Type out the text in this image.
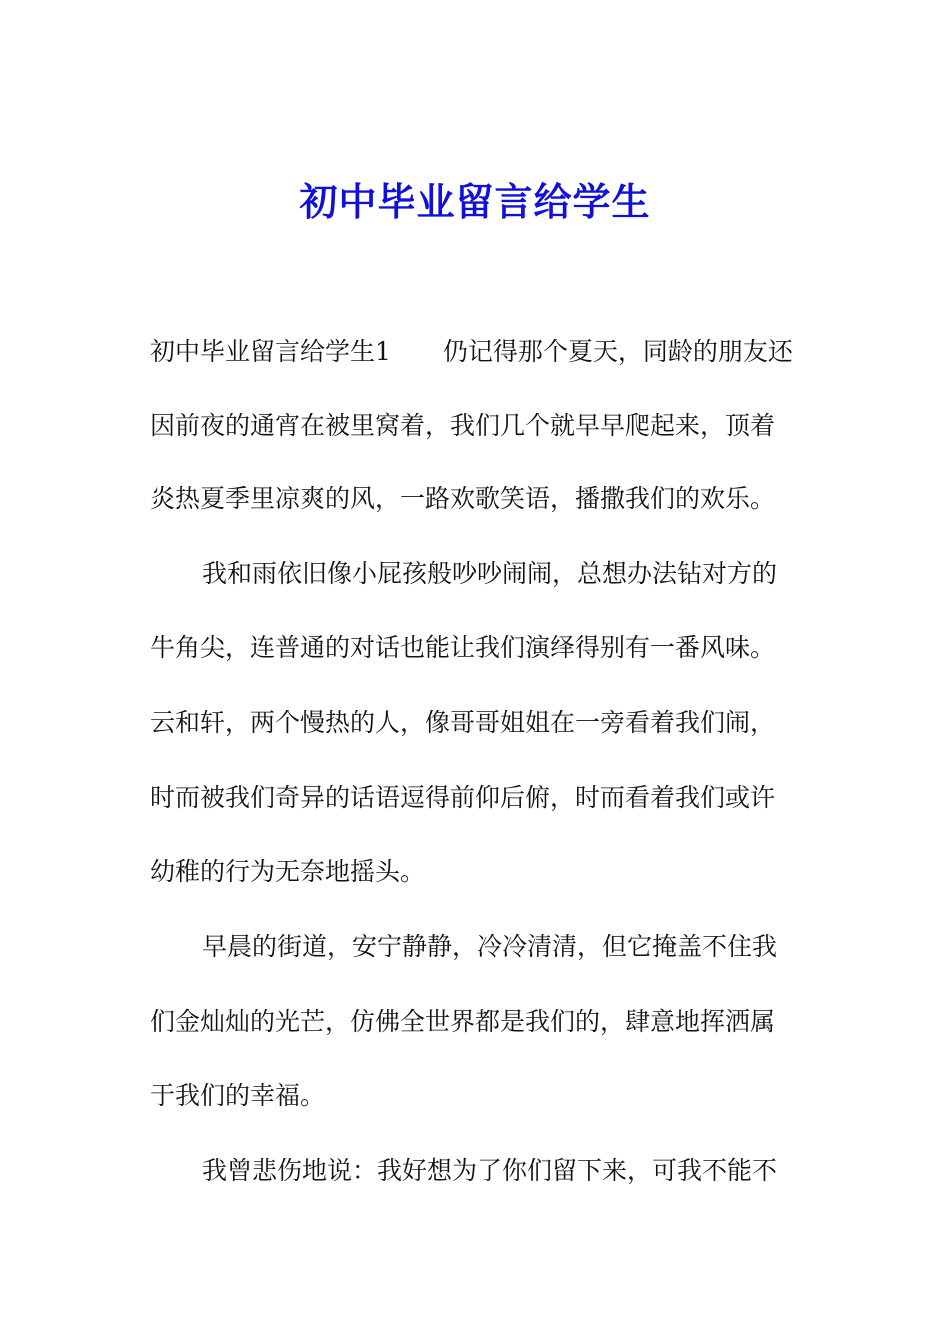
初中毕业留言给学生
初中毕业留言给学生1 仍记得那个夏天，同龄的朋友还
因前夜的通宵在被里窝着，我们几个就早早爬起来，顶着
炎热夏季里凉爽的风，一路欢歌笑语，播撒我们的欢乐。
我和雨依旧像小屁孩般吵吵闹闹，总想办法钻对方的
牛角尖，连普通的对话也能让我们演绎得别有一番风味。
云和轩，两个慢热的人，像哥哥姐姐在一旁看着我们闹，
时而被我们奇异的话语逗得前仰后俯，时而看着我们或许
幼稚的行为无奈地摇头。
早晨的街道，安宁静静，冷冷清清，但它掩盖不住我
们金灿灿的光芒，仿佛全世界都是我们的，肆意地挥洒属
于我们的幸福。
我曾悲伤地说：我好想为了你们留下来，可我不能不
